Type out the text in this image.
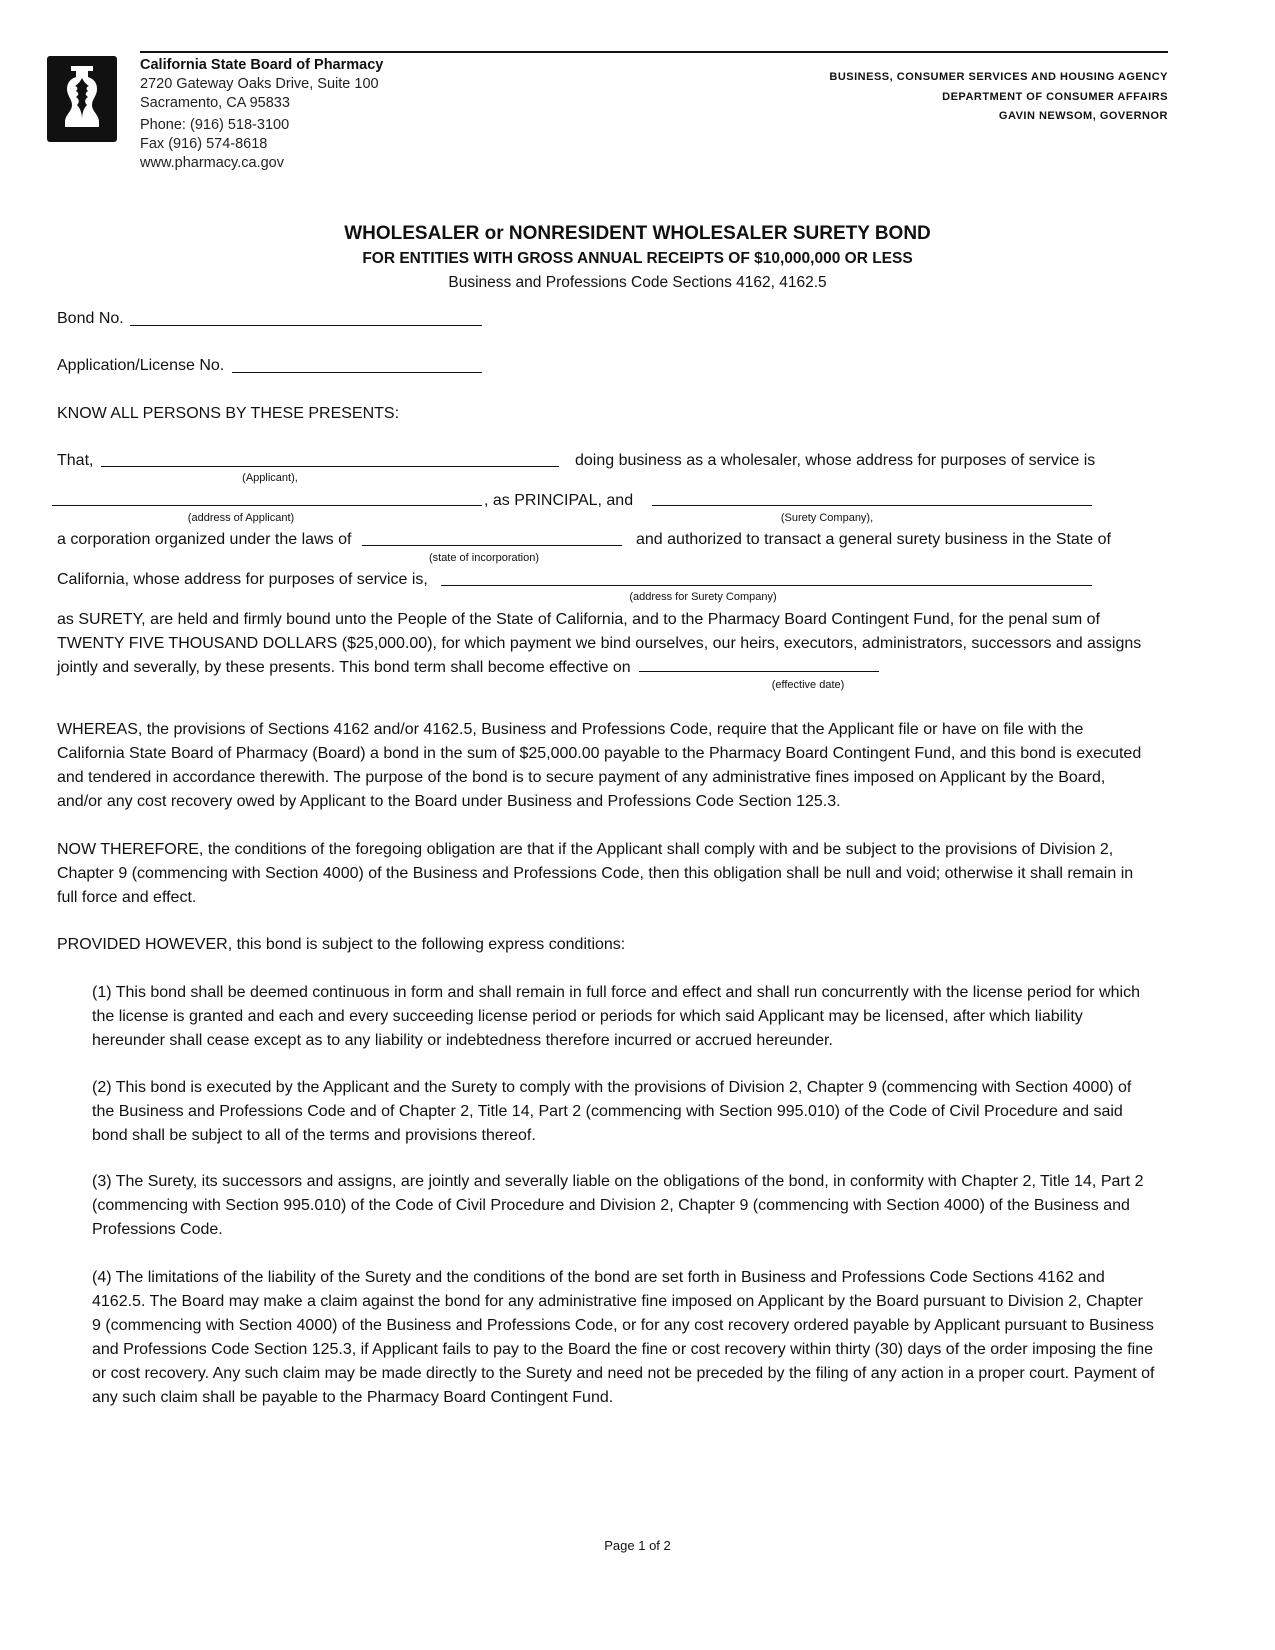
California State Board of Pharmacy
2720 Gateway Oaks Drive, Suite 100
Sacramento, CA 95833
Phone: (916) 518-3100
Fax (916) 574-8618
www.pharmacy.ca.gov
BUSINESS, CONSUMER SERVICES AND HOUSING AGENCY
DEPARTMENT OF CONSUMER AFFAIRS
GAVIN NEWSOM, GOVERNOR
WHOLESALER or NONRESIDENT WHOLESALER SURETY BOND
FOR ENTITIES WITH GROSS ANNUAL RECEIPTS OF $10,000,000 OR LESS
Business and Professions Code Sections 4162, 4162.5
Bond No.
Application/License No.
KNOW ALL PERSONS BY THESE PRESENTS:
That,	doing business as a wholesaler, whose address for purposes of service is
(Applicant),
, as PRINCIPAL, and
(address of Applicant)	(Surety Company),
a corporation organized under the laws of	and authorized to transact a general surety business in the State of
(state of incorporation)
California, whose address for purposes of service is,
(address for Surety Company)
as SURETY, are held and firmly bound unto the People of the State of California, and to the Pharmacy Board Contingent Fund, for the penal sum of TWENTY FIVE THOUSAND DOLLARS ($25,000.00), for which payment we bind ourselves, our heirs, executors, administrators, successors and assigns jointly and severally, by these presents. This bond term shall become effective on
(effective date)
WHEREAS, the provisions of Sections 4162 and/or 4162.5, Business and Professions Code, require that the Applicant file or have on file with the California State Board of Pharmacy (Board) a bond in the sum of $25,000.00 payable to the Pharmacy Board Contingent Fund, and this bond is executed and tendered in accordance therewith. The purpose of the bond is to secure payment of any administrative fines imposed on Applicant by the Board, and/or any cost recovery owed by Applicant to the Board under Business and Professions Code Section 125.3.
NOW THEREFORE, the conditions of the foregoing obligation are that if the Applicant shall comply with and be subject to the provisions of Division 2, Chapter 9 (commencing with Section 4000) of the Business and Professions Code, then this obligation shall be null and void; otherwise it shall remain in full force and effect.
PROVIDED HOWEVER, this bond is subject to the following express conditions:
(1) This bond shall be deemed continuous in form and shall remain in full force and effect and shall run concurrently with the license period for which the license is granted and each and every succeeding license period or periods for which said Applicant may be licensed, after which liability hereunder shall cease except as to any liability or indebtedness therefore incurred or accrued hereunder.
(2) This bond is executed by the Applicant and the Surety to comply with the provisions of Division 2, Chapter 9 (commencing with Section 4000) of the Business and Professions Code and of Chapter 2, Title 14, Part 2 (commencing with Section 995.010) of the Code of Civil Procedure and said bond shall be subject to all of the terms and provisions thereof.
(3) The Surety, its successors and assigns, are jointly and severally liable on the obligations of the bond, in conformity with Chapter 2, Title 14, Part 2 (commencing with Section 995.010) of the Code of Civil Procedure and Division 2, Chapter 9 (commencing with Section 4000) of the Business and Professions Code.
(4) The limitations of the liability of the Surety and the conditions of the bond are set forth in Business and Professions Code Sections 4162 and 4162.5. The Board may make a claim against the bond for any administrative fine imposed on Applicant by the Board pursuant to Division 2, Chapter 9 (commencing with Section 4000) of the Business and Professions Code, or for any cost recovery ordered payable by Applicant pursuant to Business and Professions Code Section 125.3, if Applicant fails to pay to the Board the fine or cost recovery within thirty (30) days of the order imposing the fine or cost recovery. Any such claim may be made directly to the Surety and need not be preceded by the filing of any action in a proper court. Payment of any such claim shall be payable to the Pharmacy Board Contingent Fund.
Page 1 of 2
